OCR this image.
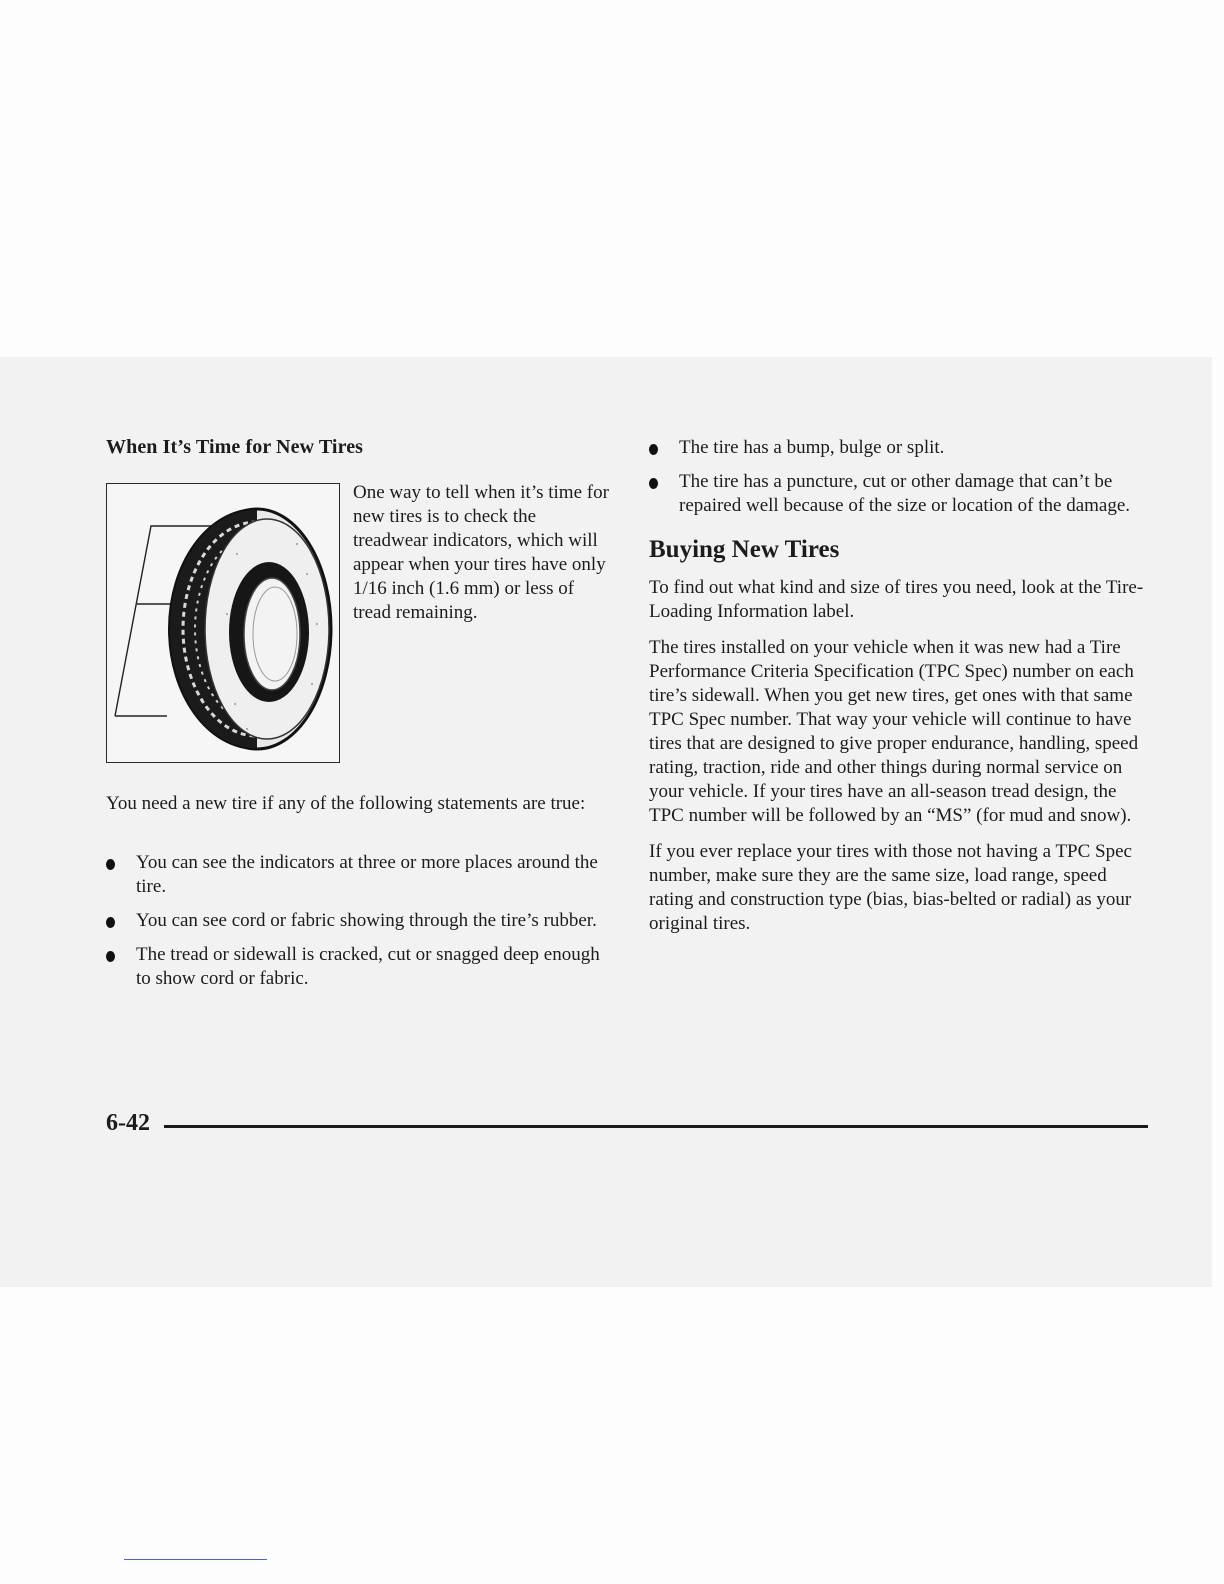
When It’s Time for New Tires

One way to tell when it’s time for new tires is to check the treadwear indicators, which will appear when your tires have only 1/16 inch (1.6 mm) or less of tread remaining.

You need a new tire if any of the following statements are true:

You can see the indicators at three or more places around the tire.
You can see cord or fabric showing through the tire’s rubber.
The tread or sidewall is cracked, cut or snagged deep enough to show cord or fabric.
The tire has a bump, bulge or split.
The tire has a puncture, cut or other damage that can’t be repaired well because of the size or location of the damage.
Buying New Tires

To find out what kind and size of tires you need, look at the Tire-Loading Information label.

The tires installed on your vehicle when it was new had a Tire Performance Criteria Specification (TPC Spec) number on each tire’s sidewall. When you get new tires, get ones with that same TPC Spec number. That way your vehicle will continue to have tires that are designed to give proper endurance, handling, speed rating, traction, ride and other things during normal service on your vehicle. If your tires have an all-season tread design, the TPC number will be followed by an “MS” (for mud and snow).

If you ever replace your tires with those not having a TPC Spec number, make sure they are the same size, load range, speed rating and construction type (bias, bias-belted or radial) as your original tires.

6-42
